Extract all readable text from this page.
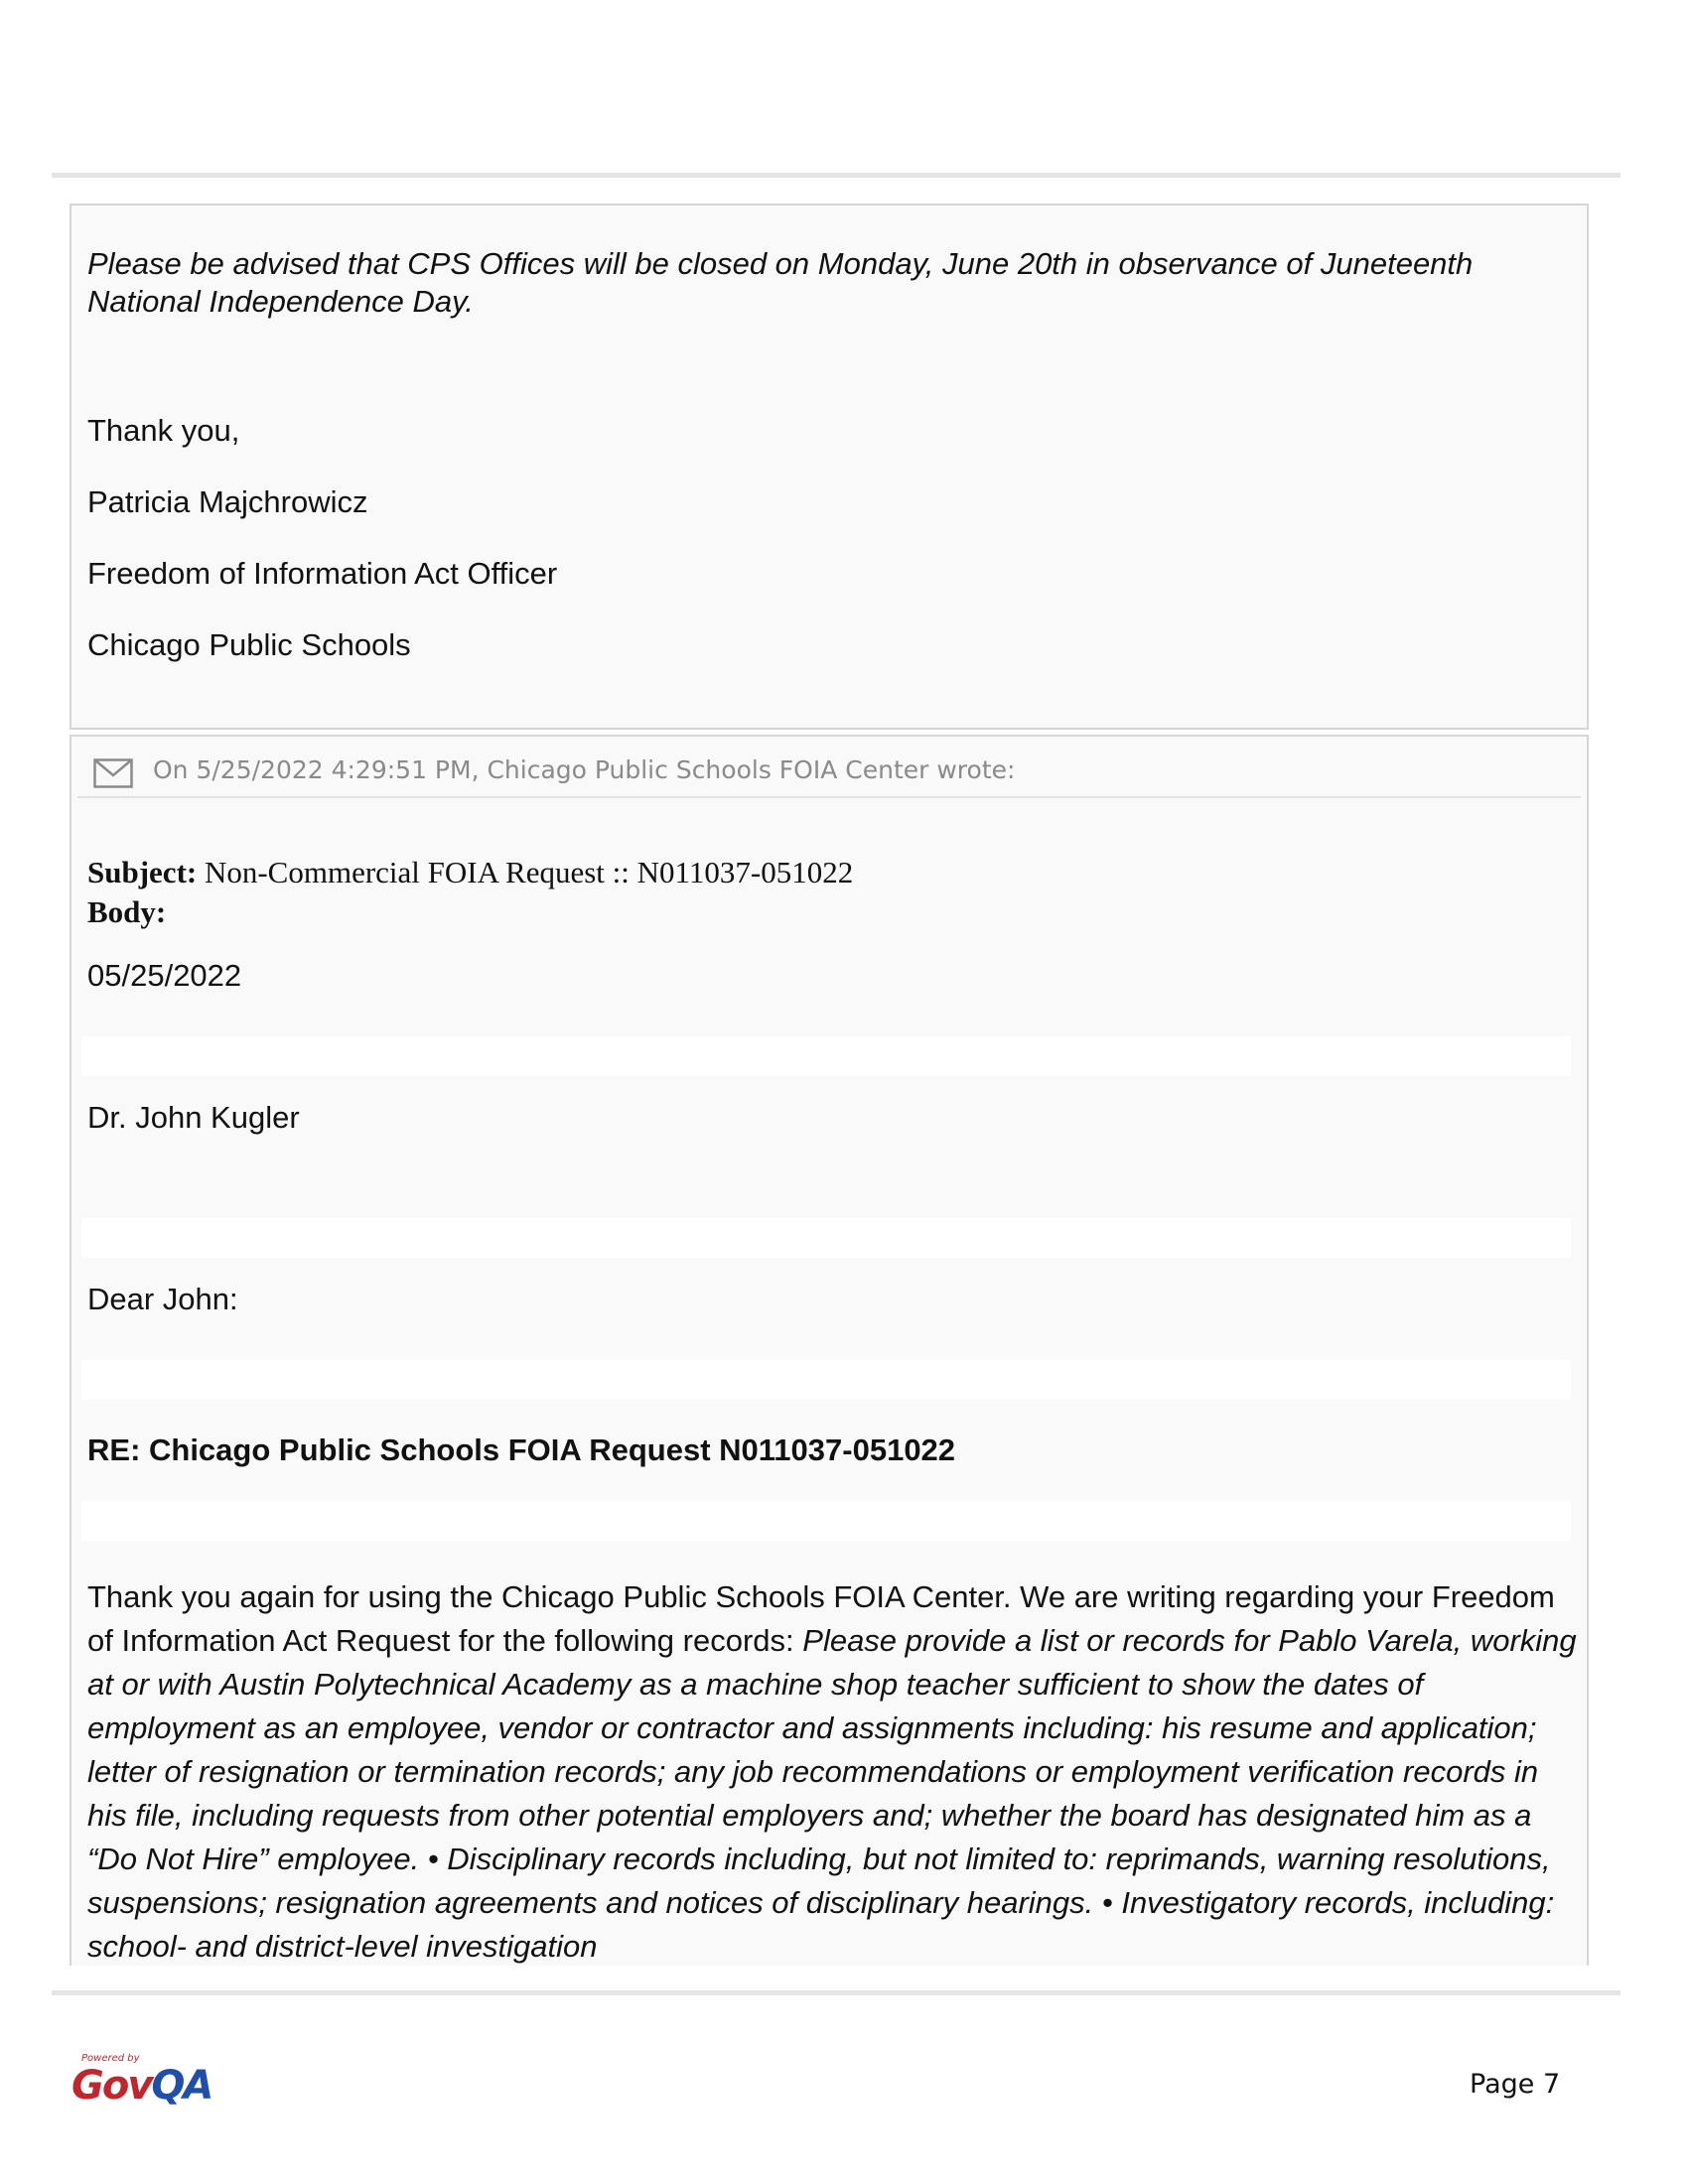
Please be advised that CPS Offices will be closed on Monday, June 20th in observance of Juneteenth National Independence Day.
Thank you,
Patricia Majchrowicz
Freedom of Information Act Officer
Chicago Public Schools
On 5/25/2022 4:29:51 PM, Chicago Public Schools FOIA Center wrote:
Subject: Non-Commercial FOIA Request :: N011037-051022
Body:
05/25/2022
Dr. John Kugler
Dear John:
RE: Chicago Public Schools FOIA Request N011037-051022
Thank you again for using the Chicago Public Schools FOIA Center. We are writing regarding your Freedom of Information Act Request for the following records: Please provide a list or records for Pablo Varela, working at or with Austin Polytechnical Academy as a machine shop teacher sufficient to show the dates of employment as an employee, vendor or contractor and assignments including: his resume and application; letter of resignation or termination records; any job recommendations or employment verification records in his file, including requests from other potential employers and; whether the board has designated him as a “Do Not Hire” employee. • Disciplinary records including, but not limited to: reprimands, warning resolutions, suspensions; resignation agreements and notices of disciplinary hearings. • Investigatory records, including: school- and district-level investigation
Powered by
GovQA	Page 7
